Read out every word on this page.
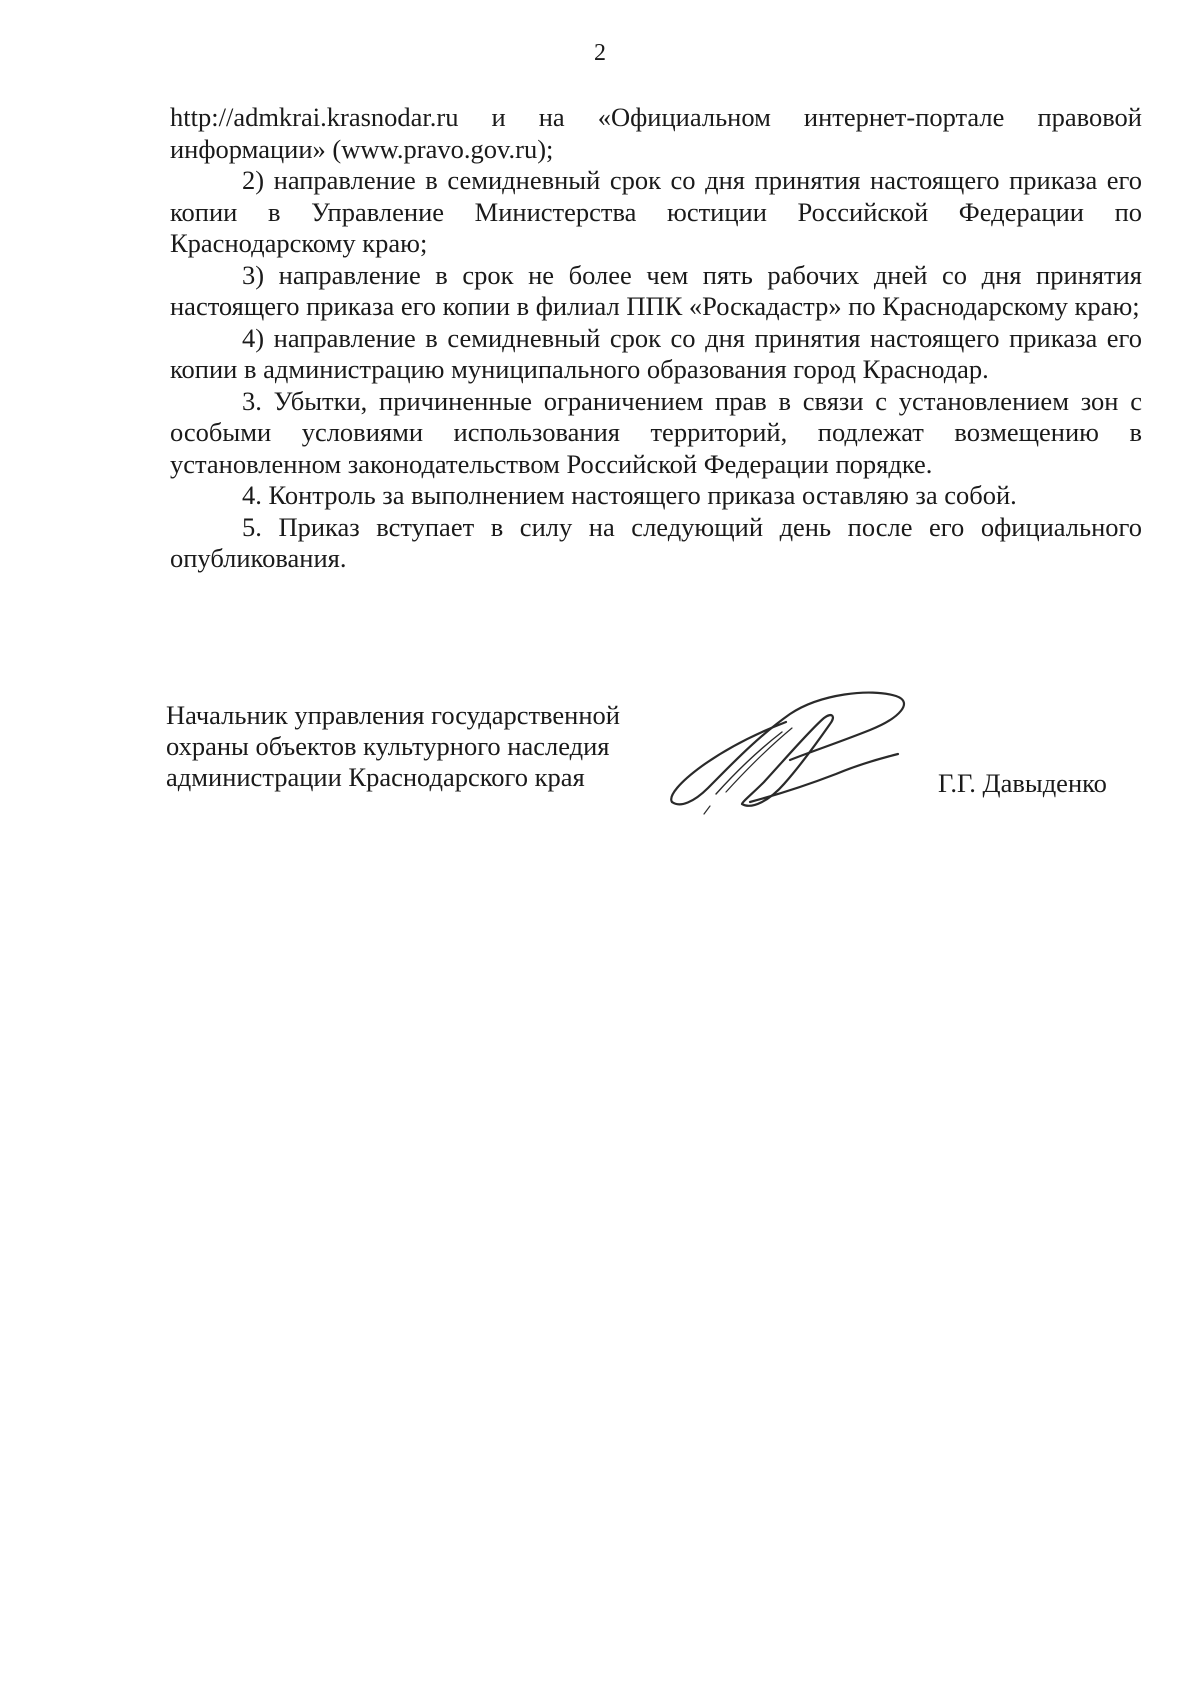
2

http://admkrai.krasnodar.ru и на «Официальном интернет-портале правовой информации» (www.pravo.gov.ru);

2) направление в семидневный срок со дня принятия настоящего приказа его копии в Управление Министерства юстиции Российской Федерации по Краснодарскому краю;

3) направление в срок не более чем пять рабочих дней со дня принятия настоящего приказа его копии в филиал ППК «Роскадастр» по Краснодарскому краю;

4) направление в семидневный срок со дня принятия настоящего приказа его копии в администрацию муниципального образования город Краснодар.

3. Убытки, причиненные ограничением прав в связи с установлением зон с особыми условиями использования территорий, подлежат возмещению в установленном законодательством Российской Федерации порядке.

4. Контроль за выполнением настоящего приказа оставляю за собой.

5. Приказ вступает в силу на следующий день после его официального опубликования.

Начальник управления государственной
охраны объектов культурного наследия
администрации Краснодарского края	Г.Г. Давыденко
